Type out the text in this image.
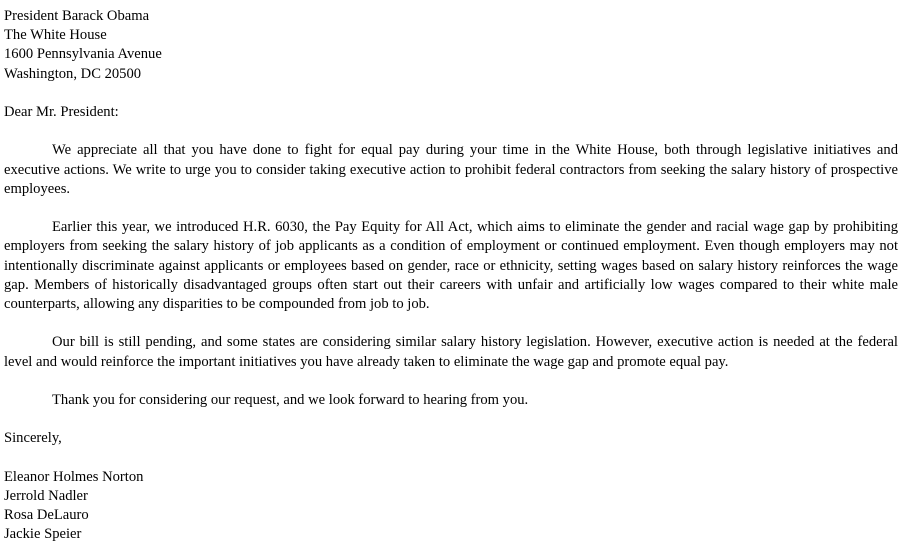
President Barack Obama
The White House
1600 Pennsylvania Avenue
Washington, DC 20500
Dear Mr. President:

We appreciate all that you have done to fight for equal pay during your time in the White House, both through legislative initiatives and executive actions. We write to urge you to consider taking executive action to prohibit federal contractors from seeking the salary history of prospective employees.

Earlier this year, we introduced H.R. 6030, the Pay Equity for All Act, which aims to eliminate the gender and racial wage gap by prohibiting employers from seeking the salary history of job applicants as a condition of employment or continued employment. Even though employers may not intentionally discriminate against applicants or employees based on gender, race or ethnicity, setting wages based on salary history reinforces the wage gap. Members of historically disadvantaged groups often start out their careers with unfair and artificially low wages compared to their white male counterparts, allowing any disparities to be compounded from job to job.

Our bill is still pending, and some states are considering similar salary history legislation. However, executive action is needed at the federal level and would reinforce the important initiatives you have already taken to eliminate the wage gap and promote equal pay.

Thank you for considering our request, and we look forward to hearing from you.

Sincerely,
Eleanor Holmes Norton
Jerrold Nadler
Rosa DeLauro
Jackie Speier
